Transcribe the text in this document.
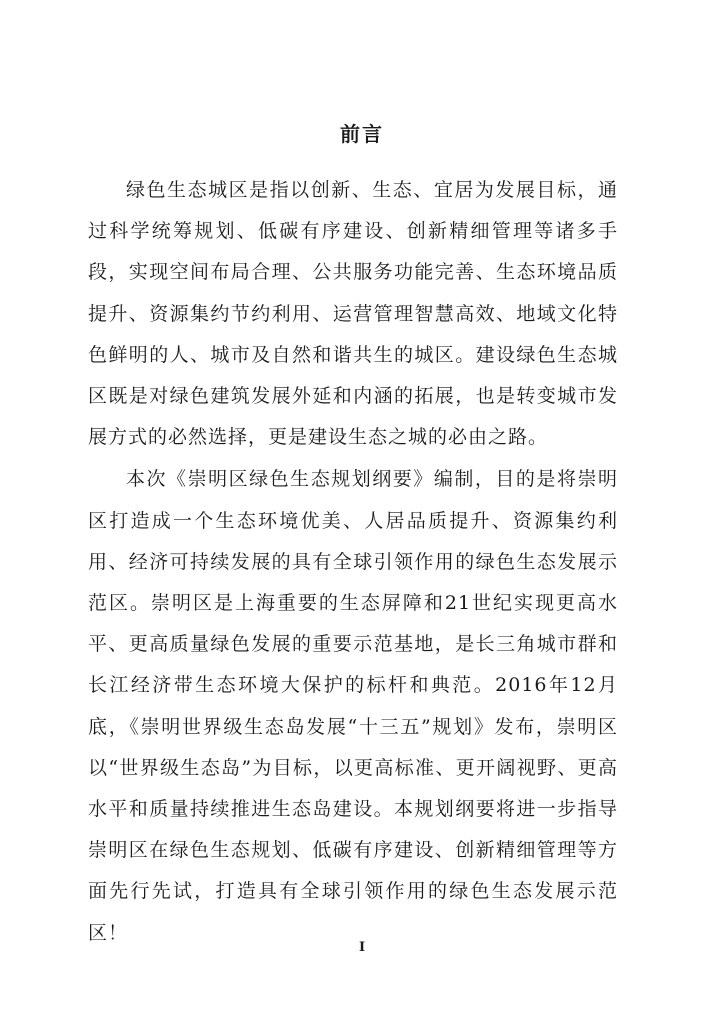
前言

绿色生态城区是指以创新、生态、宜居为发展目标，通过科学统筹规划、低碳有序建设、创新精细管理等诸多手段，实现空间布局合理、公共服务功能完善、生态环境品质提升、资源集约节约利用、运营管理智慧高效、地域文化特色鲜明的人、城市及自然和谐共生的城区。建设绿色生态城区既是对绿色建筑发展外延和内涵的拓展，也是转变城市发展方式的必然选择，更是建设生态之城的必由之路。

本次《崇明区绿色生态规划纲要》编制，目的是将崇明区打造成一个生态环境优美、人居品质提升、资源集约利用、经济可持续发展的具有全球引领作用的绿色生态发展示范区。崇明区是上海重要的生态屏障和21世纪实现更高水平、更高质量绿色发展的重要示范基地，是长三角城市群和长江经济带生态环境大保护的标杆和典范。2016年12月底，《崇明世界级生态岛发展“十三五”规划》发布，崇明区以“世界级生态岛”为目标，以更高标准、更开阔视野、更高水平和质量持续推进生态岛建设。本规划纲要将进一步指导崇明区在绿色生态规划、低碳有序建设、创新精细管理等方面先行先试，打造具有全球引领作用的绿色生态发展示范区！

I
